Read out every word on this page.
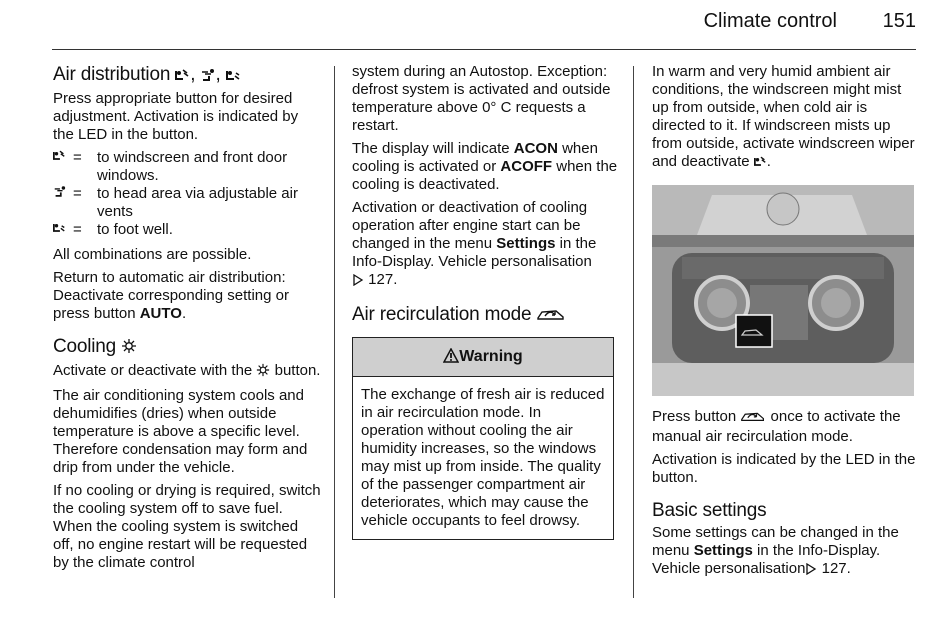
Climate control 151
Air distribution , ,

Press appropriate button for desired adjustment. Activation is indicated by the LED in the button.

=	to windscreen and front door windows.
=	to head area via adjustable air vents
=	to foot well.

All combinations are possible.

Return to automatic air distribution: Deactivate corresponding setting or press button AUTO.

Cooling

Activate or deactivate with the  button.

The air conditioning system cools and dehumidifies (dries) when outside temperature is above a specific level. Therefore condensation may form and drip from under the vehicle.

If no cooling or drying is required, switch the cooling system off to save fuel. When the cooling system is switched off, no engine restart will be requested by the climate control

system during an Autostop. Exception: defrost system is activated and outside temperature above 0° C requests a restart.

The display will indicate ACON when cooling is activated or ACOFF when the cooling is deactivated.

Activation or deactivation of cooling operation after engine start can be changed in the menu Settings in the Info-Display. Vehicle personalisation
127.

Air recirculation mode
Warning
The exchange of fresh air is reduced in air recirculation mode. In operation without cooling the air humidity increases, so the windows may mist up from inside. The quality of the passenger compartment air deteriorates, which may cause the vehicle occupants to feel drowsy.

In warm and very humid ambient air conditions, the windscreen might mist up from outside, when cold air is directed to it. If windscreen mists up from outside, activate windscreen wiper and deactivate .

Press button  once to activate the manual air recirculation mode.

Activation is indicated by the LED in the button.

Basic settings

Some settings can be changed in the menu Settings in the Info-Display. Vehicle personalisation 127.
